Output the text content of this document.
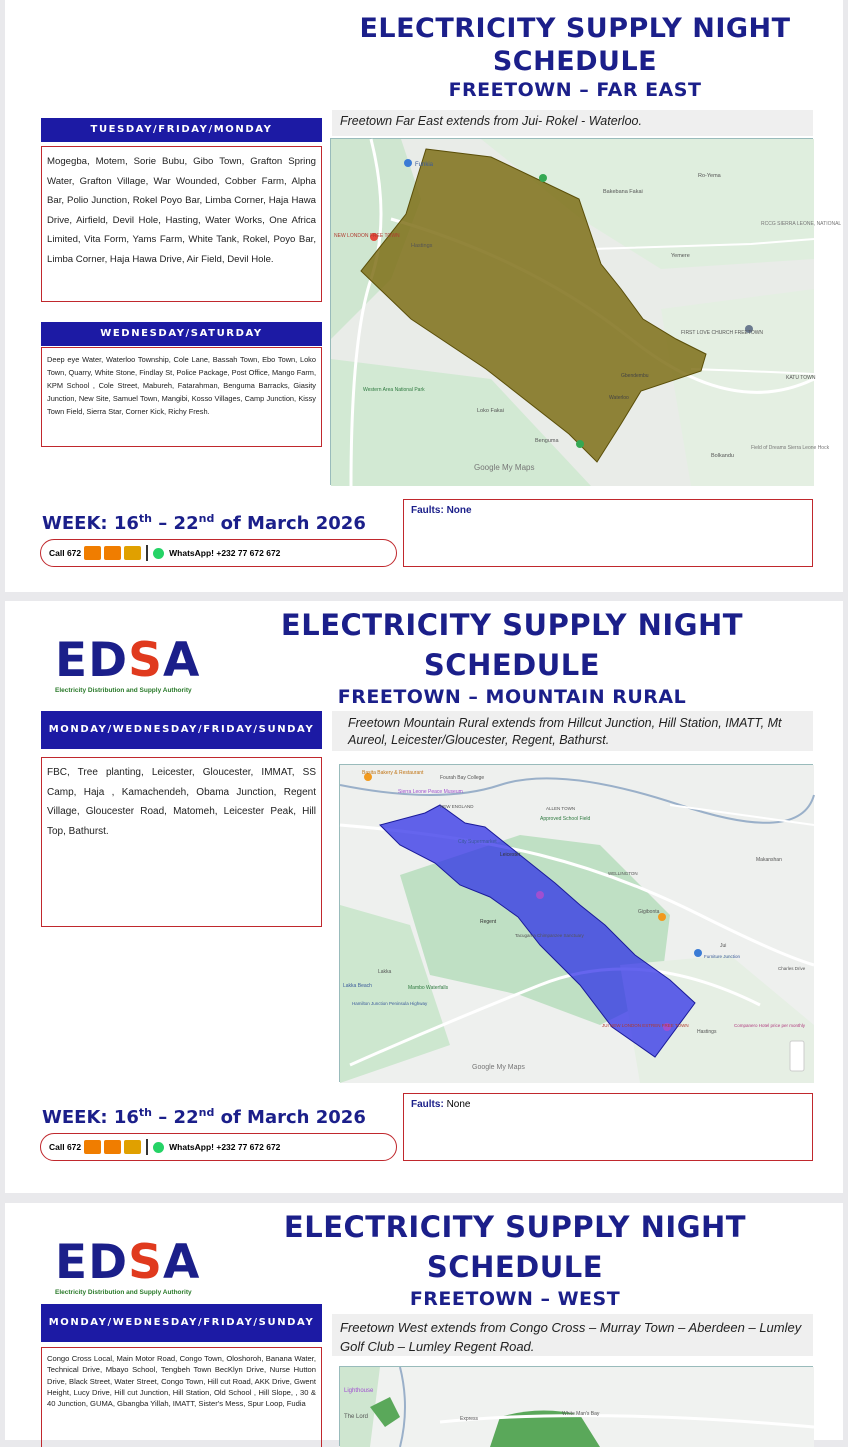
ELECTRICITY SUPPLY NIGHT
SCHEDULE
FREETOWN – FAR EAST
TUESDAY/FRIDAY/MONDAY
Mogegba, Motem, Sorie Bubu, Gibo Town, Grafton Spring Water, Grafton Village, War Wounded, Cobber Farm, Alpha Bar, Polio Junction, Rokel Poyo Bar, Limba Corner, Haja Hawa Drive, Airfield, Devil Hole, Hasting, Water Works, One Africa Limited, Vita Form, Yams Farm, White Tank, Rokel, Poyo Bar, Limba Corner, Haja Hawa Drive, Air Field, Devil Hole.
WEDNESDAY/SATURDAY
Deep eye Water, Waterloo Township, Cole Lane, Bassah Town, Ebo Town, Loko Town, Quarry, White Stone, Findlay St, Police Package, Post Office, Mango Farm, KPM School , Cole Street, Mabureh, Fatarahman, Benguma Barracks, Giasity Junction, New Site, Samuel Town, Mangibi, Kosso Villages, Camp Junction, Kissy Town Field, Sierra Star, Corner Kick, Richy Fresh.
Freetown Far East extends from Jui- Rokel - Waterloo.
Funkia
NEW LONDON FREE TOWN
Hastings
Bakebana Fakai
Ro-Yema
RCCG SIERRA LEONE, NATIONAL
Yemere
FIRST LOVE CHURCH FREETOWN
KATU TOWN
Western Area National Park
Loko Fakai
Benguma
Bolkandu
Field of Dreams Sierra Leone Hock
Waterloo
Gbendembu
Google My Maps
WEEK: 16th – 22nd of March 2026
Call 672	WhatsApp! +232 77 672 672
Faults: None
EDSA
Electricity Distribution and Supply Authority
ELECTRICITY SUPPLY NIGHT
SCHEDULE
FREETOWN – MOUNTAIN RURAL
MONDAY/WEDNESDAY/FRIDAY/SUNDAY
FBC, Tree planting, Leicester, Gloucester, IMMAT, SS Camp, Haja , Kamachendeh, Obama Junction, Regent Village, Gloucester Road, Matomeh, Leicester Peak, Hill Top, Bathurst.
Freetown Mountain Rural extends from Hillcut Junction, Hill Station, IMATT, Mt Aureol, Leicester/Gloucester, Regent, Bathurst.
Basita Bakery & Restaurant
Fourah Bay College
Sierra Leone Peace Museum
NEW ENGLAND	ALLEN TOWN
Approved School Field
City Supermarket
Leicester
WELLINGTON
Makanshan
Regent
Tacugama Chimpanzee Sanctuary
Gigibonta
Jui
Furniture Junction
Charles Drive
Lakka
Lakka Beach	Mambo Waterfalls
Hamilton Junction Peninsula Highway
JUI NEW LONDON ESTREN FREE TOWN
Hastings
Companero Hotel price per monthly
Google My Maps
WEEK: 16th – 22nd of March 2026
Call 672	WhatsApp! +232 77 672 672
Faults: None
EDSA
Electricity Distribution and Supply Authority
ELECTRICITY SUPPLY NIGHT
SCHEDULE
FREETOWN – WEST
MONDAY/WEDNESDAY/FRIDAY/SUNDAY
Congo Cross Local, Main Motor Road, Congo Town, Oloshoroh, Banana Water, Technical Drive, Mbayo School, Tengbeh Town BecKlyn Drive, Nurse Hutton Drive, Black Street, Water Street, Congo Town, Hill cut Road, AKK Drive, Gwent Height, Lucy Drive, Hill cut Junction, Hill Station, Old School , Hill Slope, , 30 & 40 Junction, GUMA, Gbangba Yillah, IMATT, Sister's Mess, Spur Loop, Fudia
Freetown West extends from Congo Cross – Murray Town – Aberdeen – Lumley Golf Club – Lumley Regent Road.
Lighthouse
The Lord	White Man's Bay
Express
